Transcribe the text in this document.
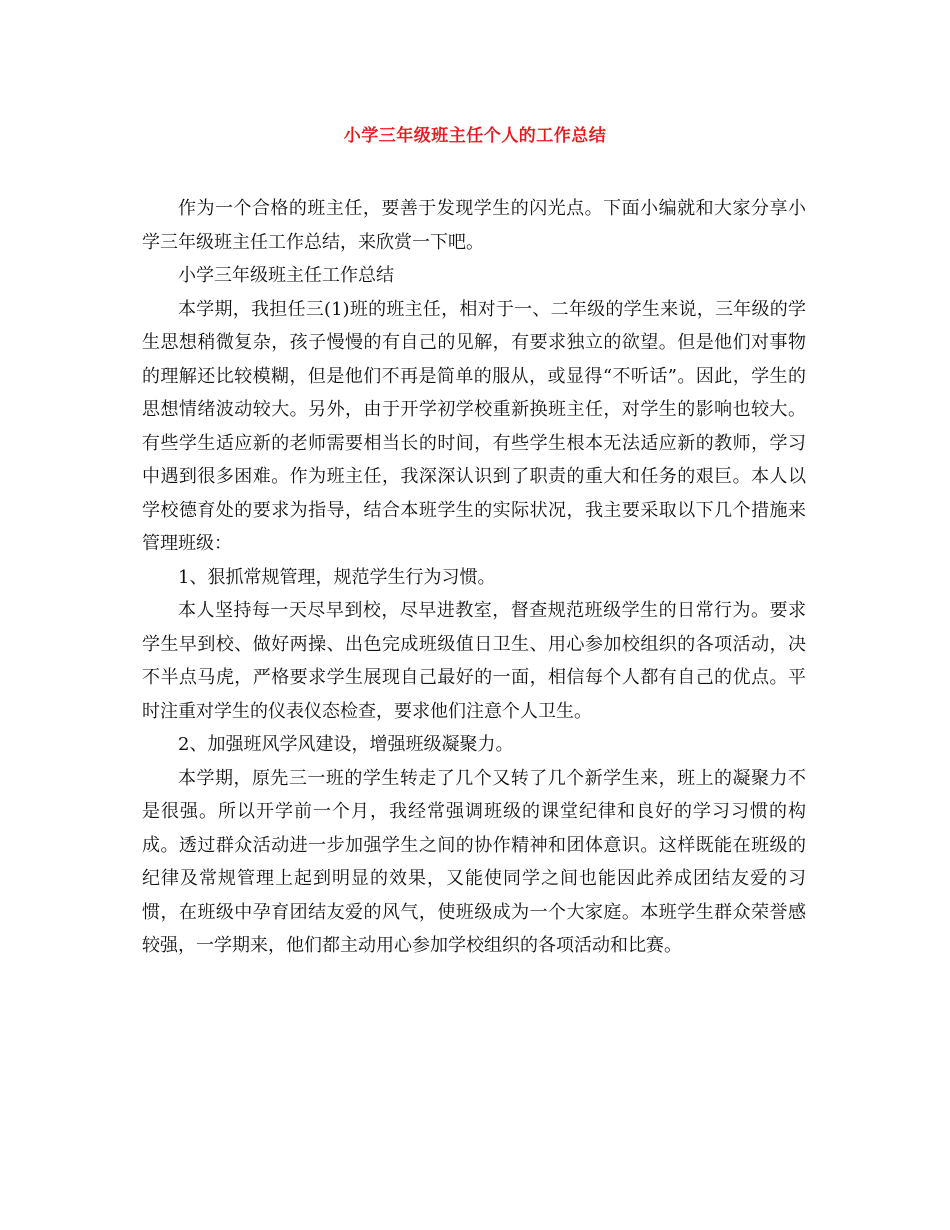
小学三年级班主任个人的工作总结

作为一个合格的班主任，要善于发现学生的闪光点。下面小编就和大家分享小学三年级班主任工作总结，来欣赏一下吧。

小学三年级班主任工作总结

本学期，我担任三(1)班的班主任，相对于一、二年级的学生来说，三年级的学生思想稍微复杂，孩子慢慢的有自己的见解，有要求独立的欲望。但是他们对事物的理解还比较模糊，但是他们不再是简单的服从，或显得“不听话”。因此，学生的思想情绪波动较大。另外，由于开学初学校重新换班主任，对学生的影响也较大。有些学生适应新的老师需要相当长的时间，有些学生根本无法适应新的教师，学习中遇到很多困难。作为班主任，我深深认识到了职责的重大和任务的艰巨。本人以学校德育处的要求为指导，结合本班学生的实际状况，我主要采取以下几个措施来管理班级：

1、狠抓常规管理，规范学生行为习惯。

本人坚持每一天尽早到校，尽早进教室，督查规范班级学生的日常行为。要求学生早到校、做好两操、出色完成班级值日卫生、用心参加校组织的各项活动，决不半点马虎，严格要求学生展现自己最好的一面，相信每个人都有自己的优点。平时注重对学生的仪表仪态检查，要求他们注意个人卫生。

2、加强班风学风建设，增强班级凝聚力。

本学期，原先三一班的学生转走了几个又转了几个新学生来，班上的凝聚力不是很强。所以开学前一个月，我经常强调班级的课堂纪律和良好的学习习惯的构成。透过群众活动进一步加强学生之间的协作精神和团体意识。这样既能在班级的纪律及常规管理上起到明显的效果，又能使同学之间也能因此养成团结友爱的习惯，在班级中孕育团结友爱的风气，使班级成为一个大家庭。本班学生群众荣誉感较强，一学期来，他们都主动用心参加学校组织的各项活动和比赛。
